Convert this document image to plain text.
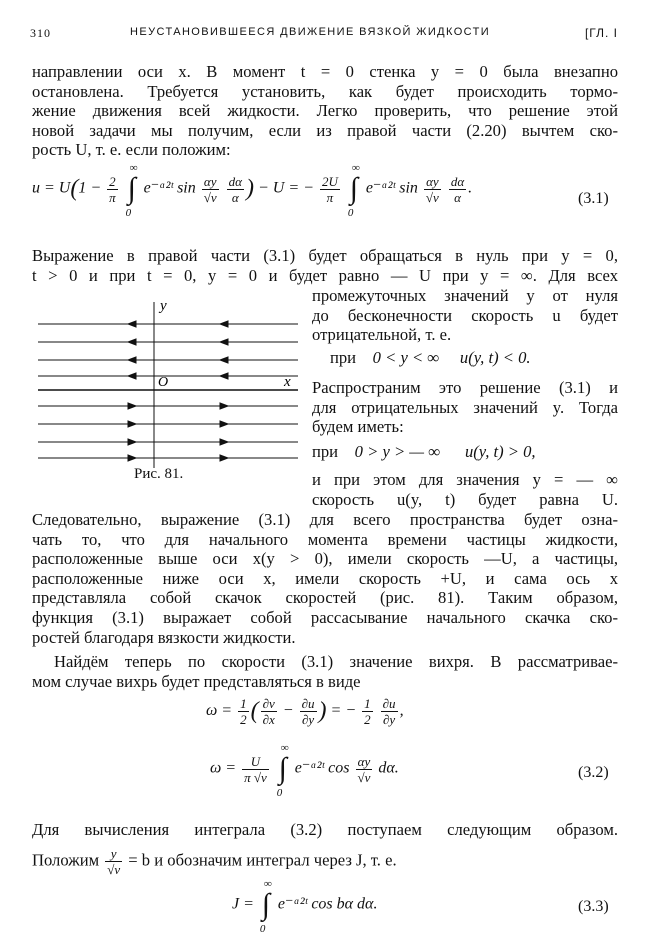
310	НЕУСТАНОВИВШЕЕСЯ ДВИЖЕНИЕ ВЯЗКОЙ ЖИДКОСТИ	[ГЛ. I
направлении оси x. В момент t = 0 стенка y = 0 была внезапно
остановлена. Требуется установить, как будет происходить тормо-
жение движения всей жидкости. Легко проверить, что решение этой
новой задачи мы получим, если из правой части (2.20) вычтем ско-
рость U, т. е. если положим:
$u = U(1 - \frac{2}{\pi}$ ∫
∞
0
e⁻ᵅ²ᵗ $\sin \frac{\alpha y}{√\nu}$
$\frac{d\alpha}{\alpha}$ ) − U = − $\frac{2U}{\pi}$ ∫
∞
0
e⁻ᵅ²ᵗ $\sin \frac{\alpha y}{√\nu}$
$\frac{d\alpha}{\alpha}$ .
(3.1)
Выражение в правой части (3.1) будет обращаться в нуль при y = 0,
t > 0 и при t = 0, y = 0 и будет равно — U при y = ∞. Для всех
y
x
O
Рис. 81.
промежуточных значений y от нуля
до бесконечности скорость u будет
отрицательной, т. е.
при 0 < y < ∞ u(y, t) < 0.
Распространим это решение (3.1) и
для отрицательных значений y. Тогда
будем иметь:
при 0 > y > — ∞ u(y, t) > 0,
и при этом для значения y = — ∞
скорость u(y, t) будет равна U.
Следовательно, выражение (3.1) для всего пространства будет озна-
чать то, что для начального момента времени частицы жидкости,
расположенные выше оси x(y > 0), имели скорость —U, а частицы,
расположенные ниже оси x, имели скорость +U, и сама ось x
представляла собой скачок скоростей (рис. 81). Таким образом,
функция (3.1) выражает собой рассасывание начального скачка ско-
ростей благодаря вязкости жидкости.
Найдём теперь по скорости (3.1) значение вихря. В рассматривае-
мом случае вихрь будет представляться в виде
$\omega = \frac{1}{2}$ ( $\frac{\partial v}{\partial x} - \frac{\partial u}{\partial y}$ ) = − $\frac{1}{2}$
$\frac{\partial u}{\partial y}$ ,
$\omega = \frac{U}{\pi √\nu}$ ∫
∞
0
e⁻ᵅ²ᵗ $\cos \frac{\alpha y}{√\nu} d\alpha$.	(3.2)
Для вычисления интеграла (3.2) поступаем следующим образом.
Положим $\frac{y}{√\nu} = b$ и обозначим интеграл через J, т. е.
J = ∫
∞
0
e⁻ᵅ²ᵗ cos bα dα.	(3.3)
